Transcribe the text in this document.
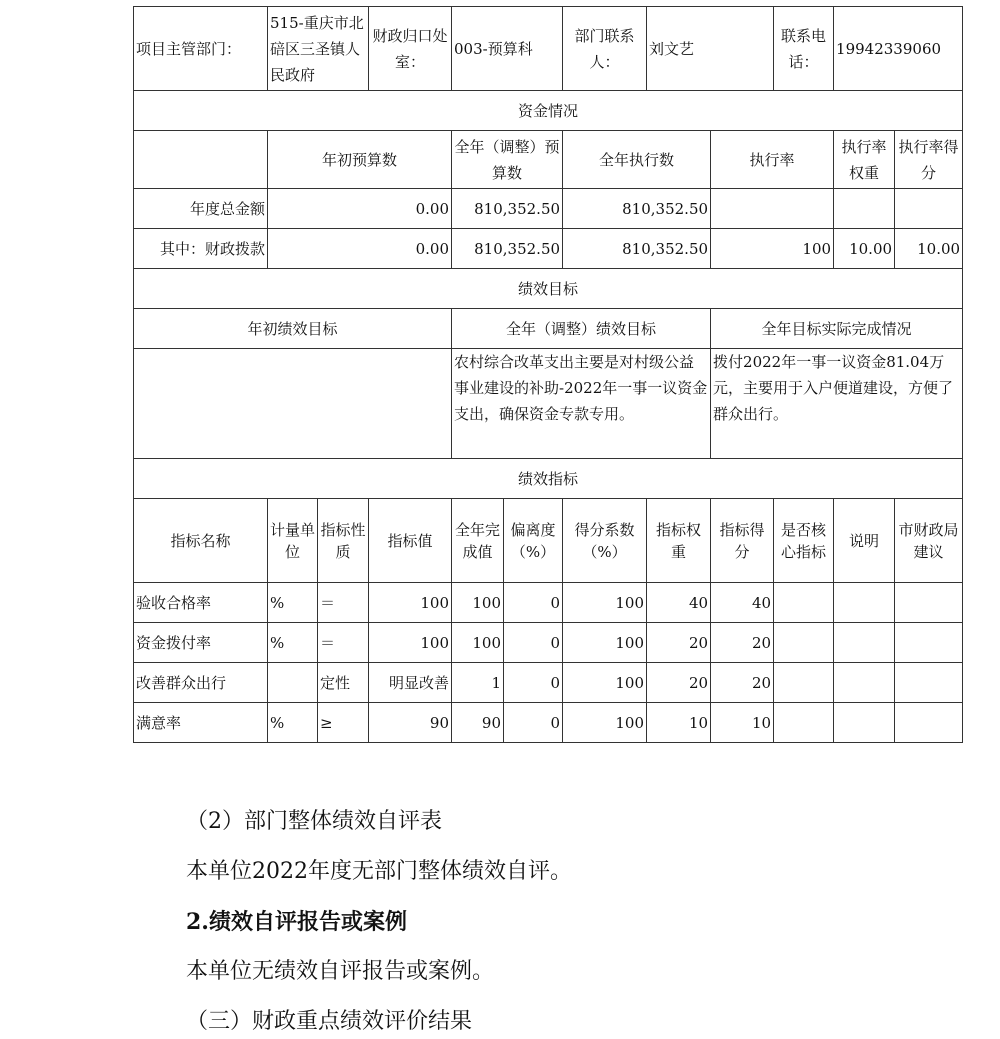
项目主管部门：	515-重庆市北碚区三圣镇人民政府		财政归口处室：	003-预算科		部门联系人：	刘文艺		联系电话：	19942339060	
资金情况											
	年初预算数			全年（调整）预算数		全年执行数		执行率		执行率权重	执行率得分
年度总金额	0.00			810,352.50		810,352.50					
其中：财政拨款	0.00			810,352.50		810,352.50		100		10.00	10.00
绩效目标											
年初绩效目标				全年（调整）绩效目标				全年目标实际完成情况			
				农村综合改革支出主要是对村级公益事业建设的补助-2022年一事一议资金支出，确保资金专款专用。				拨付2022年一事一议资金81.04万元，主要用于入户便道建设，方便了群众出行。			
绩效指标											
指标名称	计量单位	指标性质	指标值	全年完成值	偏离度（%）	得分系数（%）	指标权重	指标得分	是否核心指标	说明	市财政局建议
验收合格率	%	＝	100	100	0	100	40	40			
资金拨付率	%	＝	100	100	0	100	20	20			
改善群众出行		定性	明显改善	1	0	100	20	20			
满意率	%	≥	90	90	0	100	10	10			

（2）部门整体绩效自评表

本单位2022年度无部门整体绩效自评。

2.绩效自评报告或案例

本单位无绩效自评报告或案例。

（三）财政重点绩效评价结果
